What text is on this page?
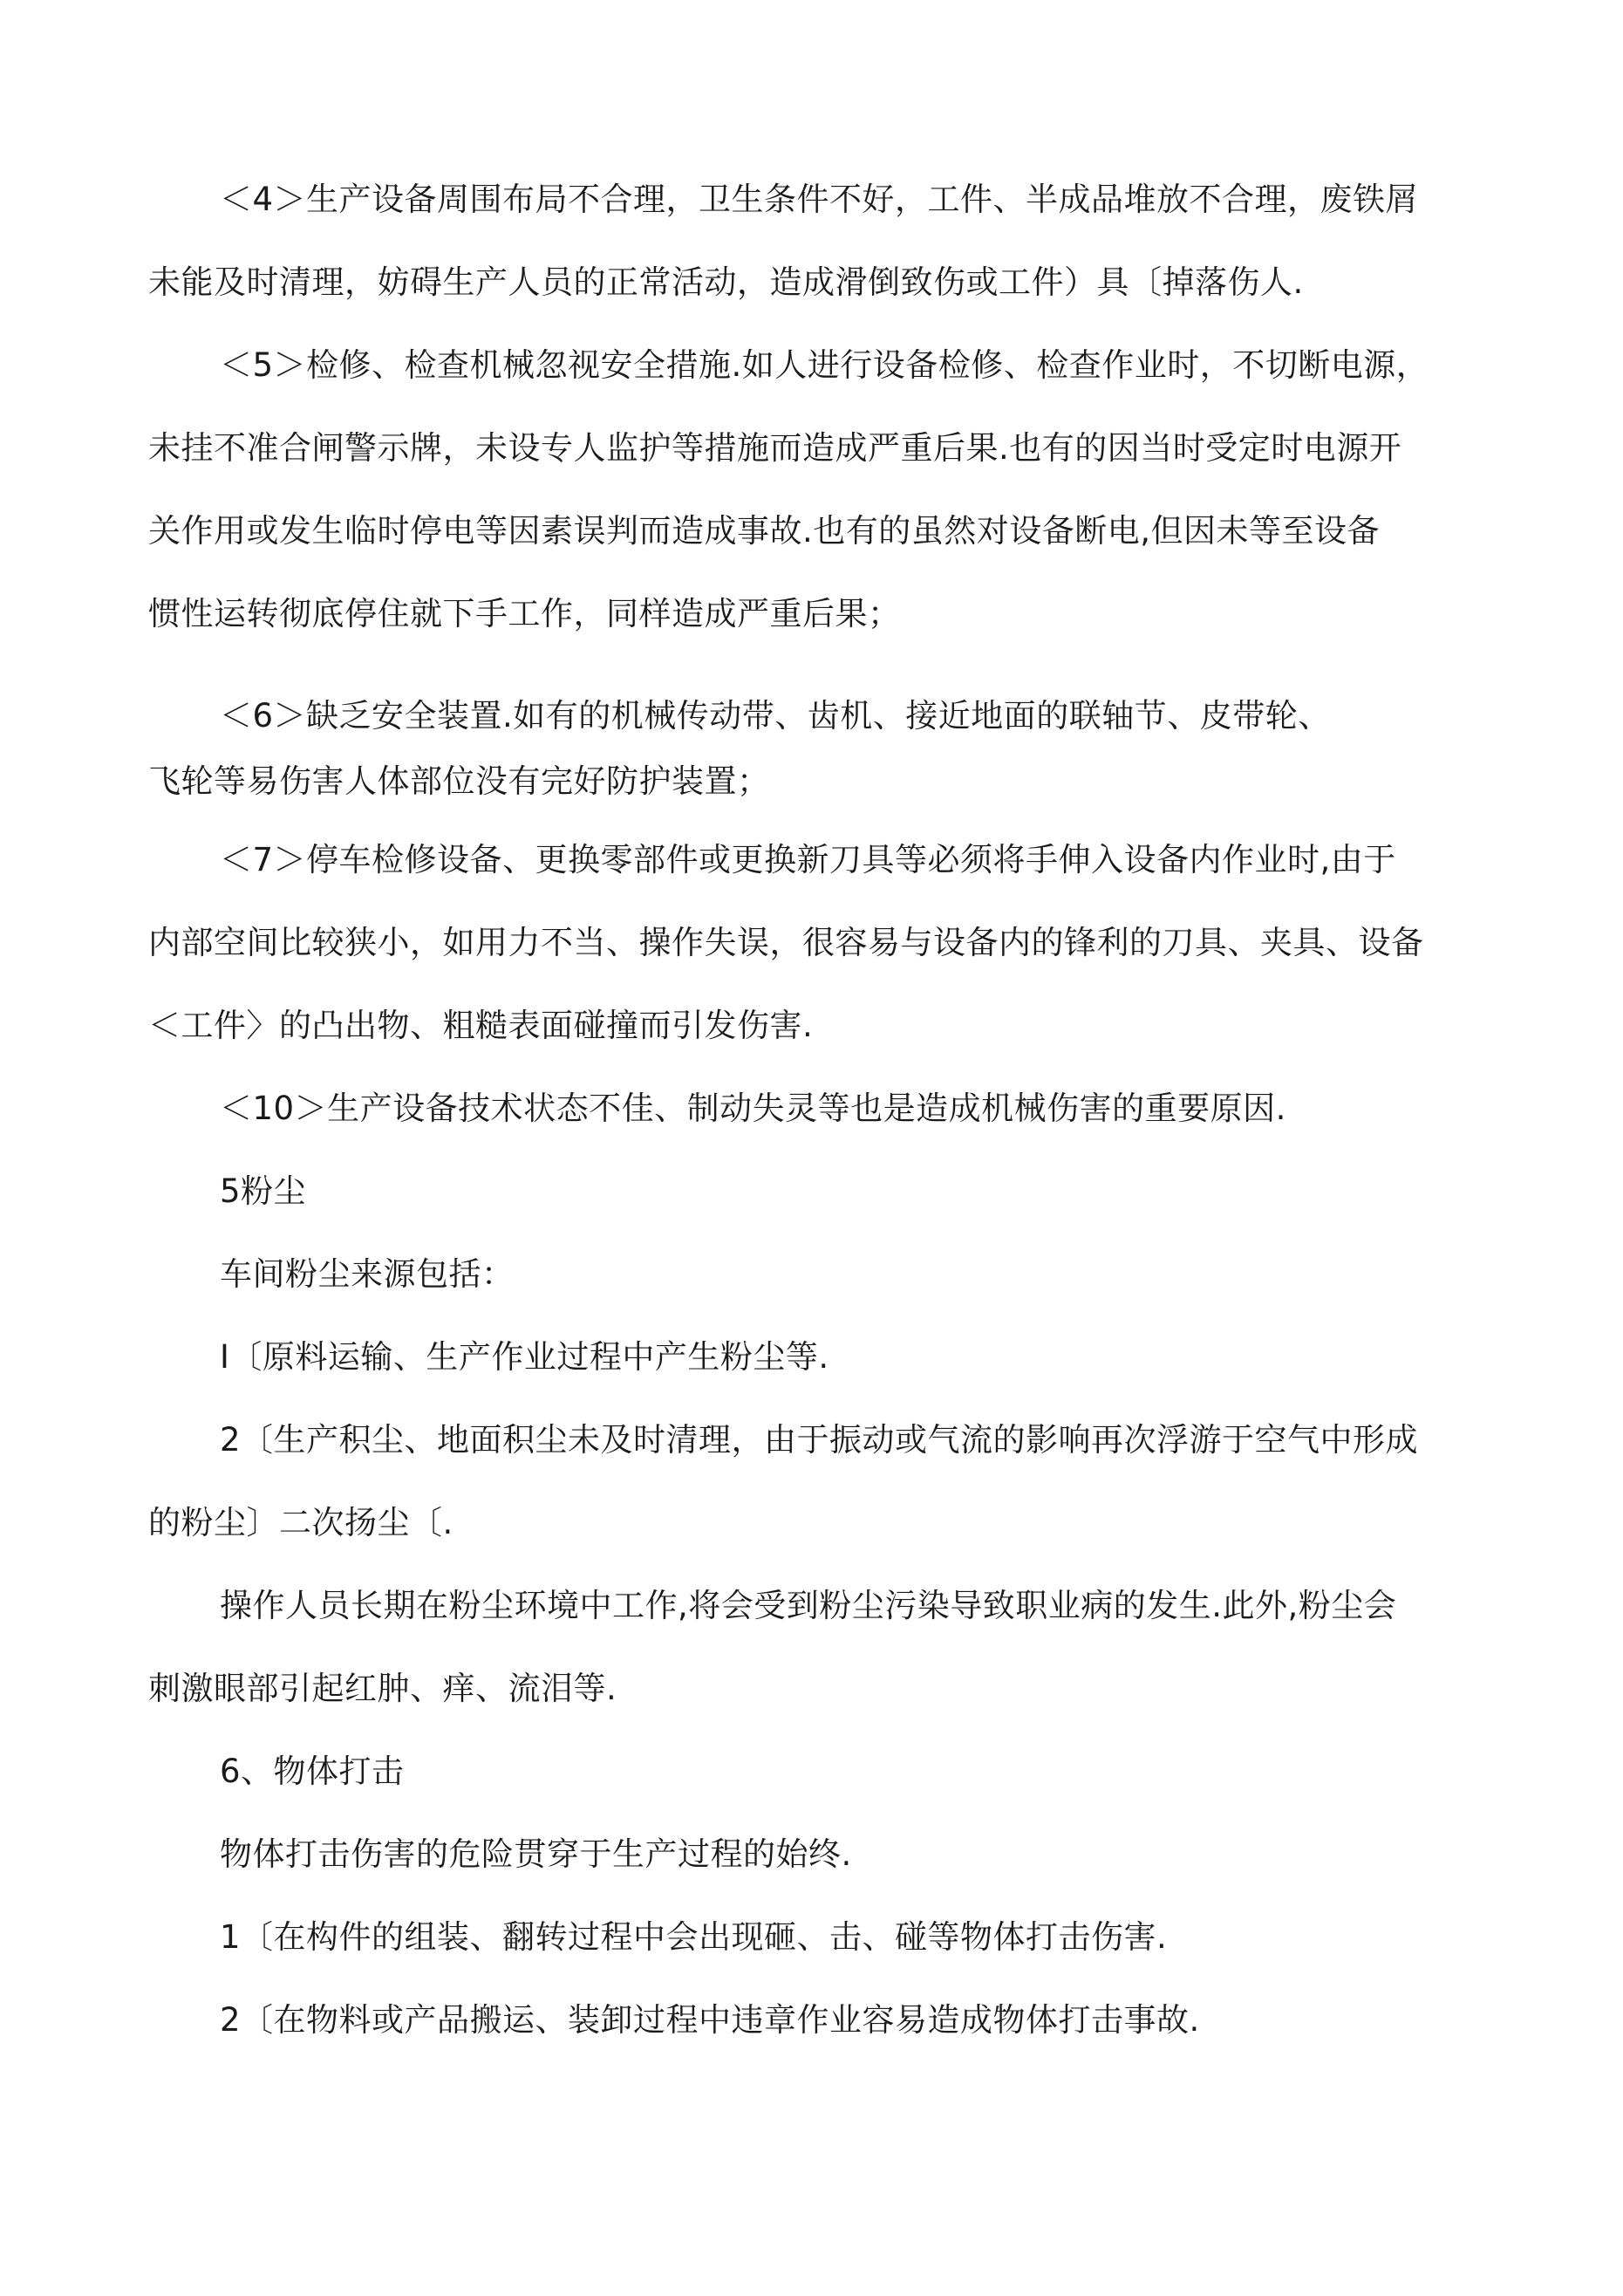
＜4＞生产设备周围布局不合理，卫生条件不好，工件、半成品堆放不合理，废铁屑
未能及时清理，妨碍生产人员的正常活动，造成滑倒致伤或工件）具〔掉落伤人.
＜5＞检修、检查机械忽视安全措施.如人进行设备检修、检查作业时，不切断电源，
未挂不准合闸警示牌，未设专人监护等措施而造成严重后果.也有的因当时受定时电源开
关作用或发生临时停电等因素误判而造成事故.也有的虽然对设备断电,但因未等至设备
惯性运转彻底停住就下手工作，同样造成严重后果；
＜6＞缺乏安全装置.如有的机械传动带、齿机、接近地面的联轴节、皮带轮、
飞轮等易伤害人体部位没有完好防护装置；
＜7＞停车检修设备、更换零部件或更换新刀具等必须将手伸入设备内作业时,由于
内部空间比较狭小，如用力不当、操作失误，很容易与设备内的锋利的刀具、夹具、设备
＜工件〉的凸出物、粗糙表面碰撞而引发伤害.
＜10＞生产设备技术状态不佳、制动失灵等也是造成机械伤害的重要原因.
5粉尘
车间粉尘来源包括：
I〔原料运输、生产作业过程中产生粉尘等.
2〔生产积尘、地面积尘未及时清理，由于振动或气流的影响再次浮游于空气中形成
的粉尘〕二次扬尘〔.
操作人员长期在粉尘环境中工作,将会受到粉尘污染导致职业病的发生.此外,粉尘会
刺激眼部引起红肿、痒、流泪等.
6、物体打击
物体打击伤害的危险贯穿于生产过程的始终.
1〔在构件的组装、翻转过程中会出现砸、击、碰等物体打击伤害.
2〔在物料或产品搬运、装卸过程中违章作业容易造成物体打击事故.
